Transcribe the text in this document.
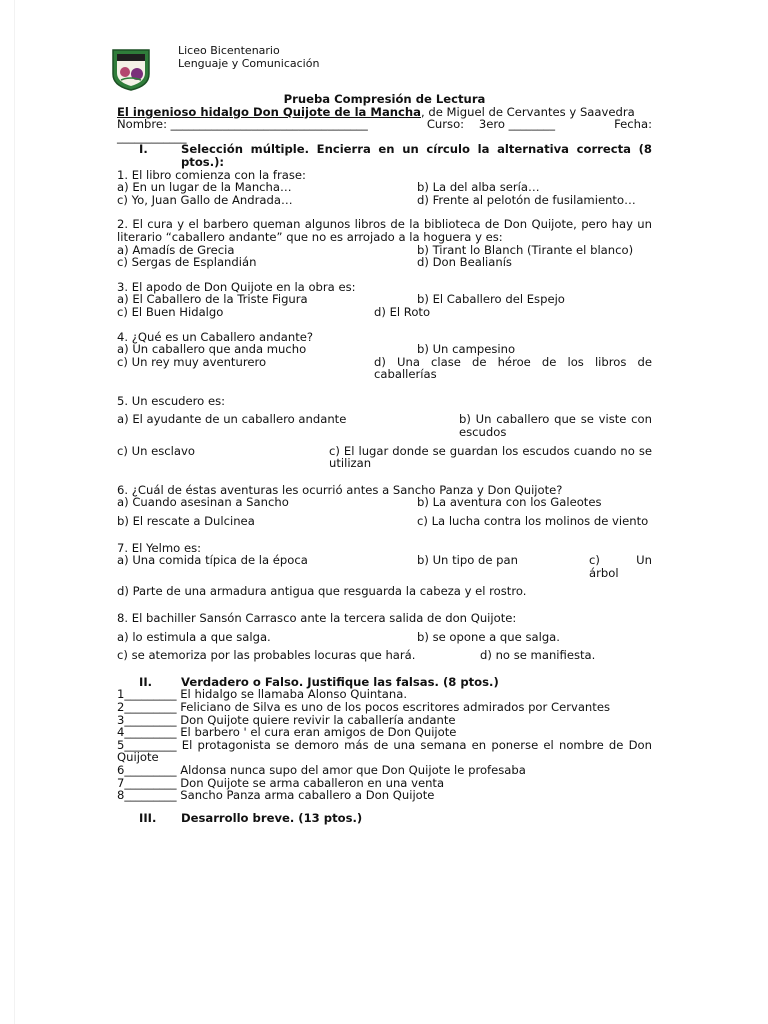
Liceo Bicentenario
Lenguaje y Comunicación
Prueba Compresión de Lectura
El ingenioso hidalgo Don Quijote de la Mancha, de Miguel de Cervantes y Saavedra
Nombre: __________________________________	Curso: 3ero ________	Fecha:
____________
I.	Selección múltiple. Encierra en un círculo la alternativa correcta (8 ptos.):
1. El libro comienza con la frase:
a) En un lugar de la Mancha…	b) La del alba sería…
c) Yo, Juan Gallo de Andrada…	d) Frente al pelotón de fusilamiento…
2. El cura y el barbero queman algunos libros de la biblioteca de Don Quijote, pero hay un literario “caballero andante” que no es arrojado a la hoguera y es:
a) Amadís de Grecia	b) Tirant lo Blanch (Tirante el blanco)
c) Sergas de Esplandián	d) Don Bealianís
3. El apodo de Don Quijote en la obra es:
a) El Caballero de la Triste Figura	b) El Caballero del Espejo
c) El Buen Hidalgo	d) El Roto
4. ¿Qué es un Caballero andante?
a) Un caballero que anda mucho	b) Un campesino
c) Un rey muy aventurero	d) Una clase de héroe de los libros de caballerías
5. Un escudero es:
a) El ayudante de un caballero andante	b) Un caballero que se viste con escudos
c) Un esclavo	c) El lugar donde se guardan los escudos cuando no se utilizan
6. ¿Cuál de éstas aventuras les ocurrió antes a Sancho Panza y Don Quijote?
a) Cuando asesinan a Sancho	b) La aventura con los Galeotes
b) El rescate a Dulcinea	c) La lucha contra los molinos de viento
7. El Yelmo es:
a) Una comida típica de la época	b) Un tipo de pan	c) Un árbol
d) Parte de una armadura antigua que resguarda la cabeza y el rostro.
8. El bachiller Sansón Carrasco ante la tercera salida de don Quijote:
a) lo estimula a que salga.	b) se opone a que salga.
c) se atemoriza por las probables locuras que hará.	d) no se manifiesta.
II.	Verdadero o Falso. Justifique las falsas. (8 ptos.)
1_________ El hidalgo se llamaba Alonso Quintana.
2_________ Feliciano de Silva es uno de los pocos escritores admirados por Cervantes
3_________ Don Quijote quiere revivir la caballería andante
4_________ El barbero ' el cura eran amigos de Don Quijote
5_________ El protagonista se demoro más de una semana en ponerse el nombre de Don Quijote
6_________ Aldonsa nunca supo del amor que Don Quijote le profesaba
7_________ Don Quijote se arma caballeron en una venta
8_________ Sancho Panza arma caballero a Don Quijote
III.	Desarrollo breve. (13 ptos.)
